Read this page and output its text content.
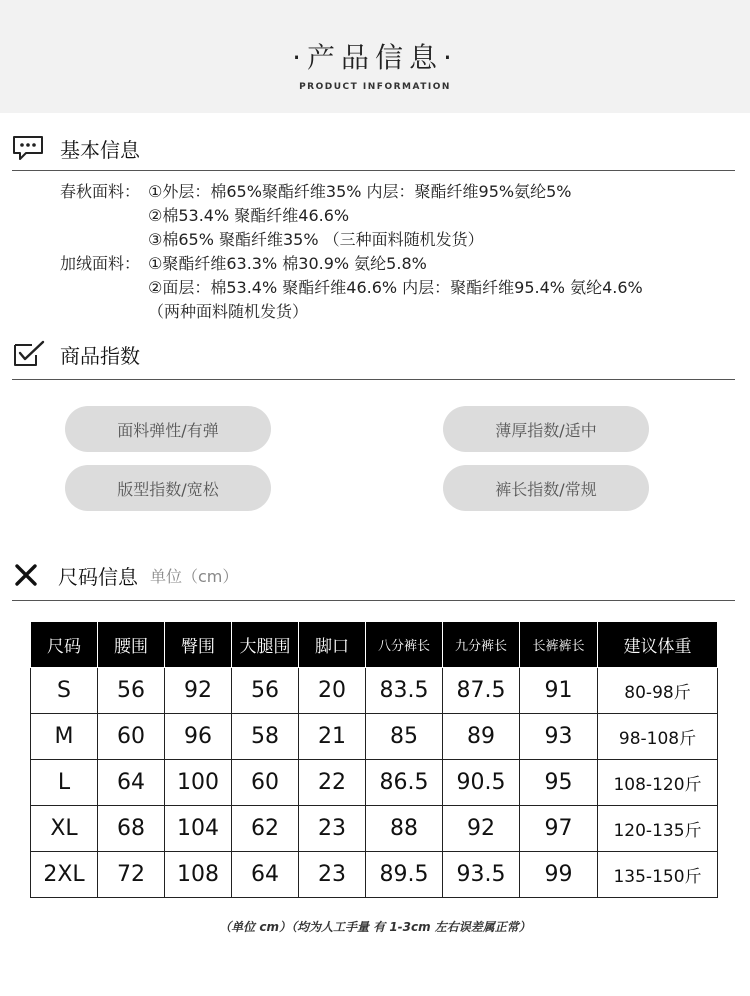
·产品信息·
PRODUCT INFORMATION
基本信息
春秋面料： ①外层：棉65%聚酯纤维35% 内层：聚酯纤维95%氨纶5%
②棉53.4% 聚酯纤维46.6%
③棉65% 聚酯纤维35% （三种面料随机发货）
加绒面料： ①聚酯纤维63.3% 棉30.9% 氨纶5.8%
②面层：棉53.4% 聚酯纤维46.6% 内层：聚酯纤维95.4% 氨纶4.6%
（两种面料随机发货）
商品指数
面料弹性/有弹	薄厚指数/适中
版型指数/宽松	裤长指数/常规
尺码信息 单位（cm）
尺码	腰围	臀围	大腿围	脚口	八分裤长	九分裤长	长裤裤长	建议体重
S	56	92	56	20	83.5	87.5	91	80-98斤
M	60	96	58	21	85	89	93	98-108斤
L	64	100	60	22	86.5	90.5	95	108-120斤
XL	68	104	62	23	88	92	97	120-135斤
2XL	72	108	64	23	89.5	93.5	99	135-150斤
（单位 cm）（均为人工手量 有 1-3cm 左右误差属正常）
